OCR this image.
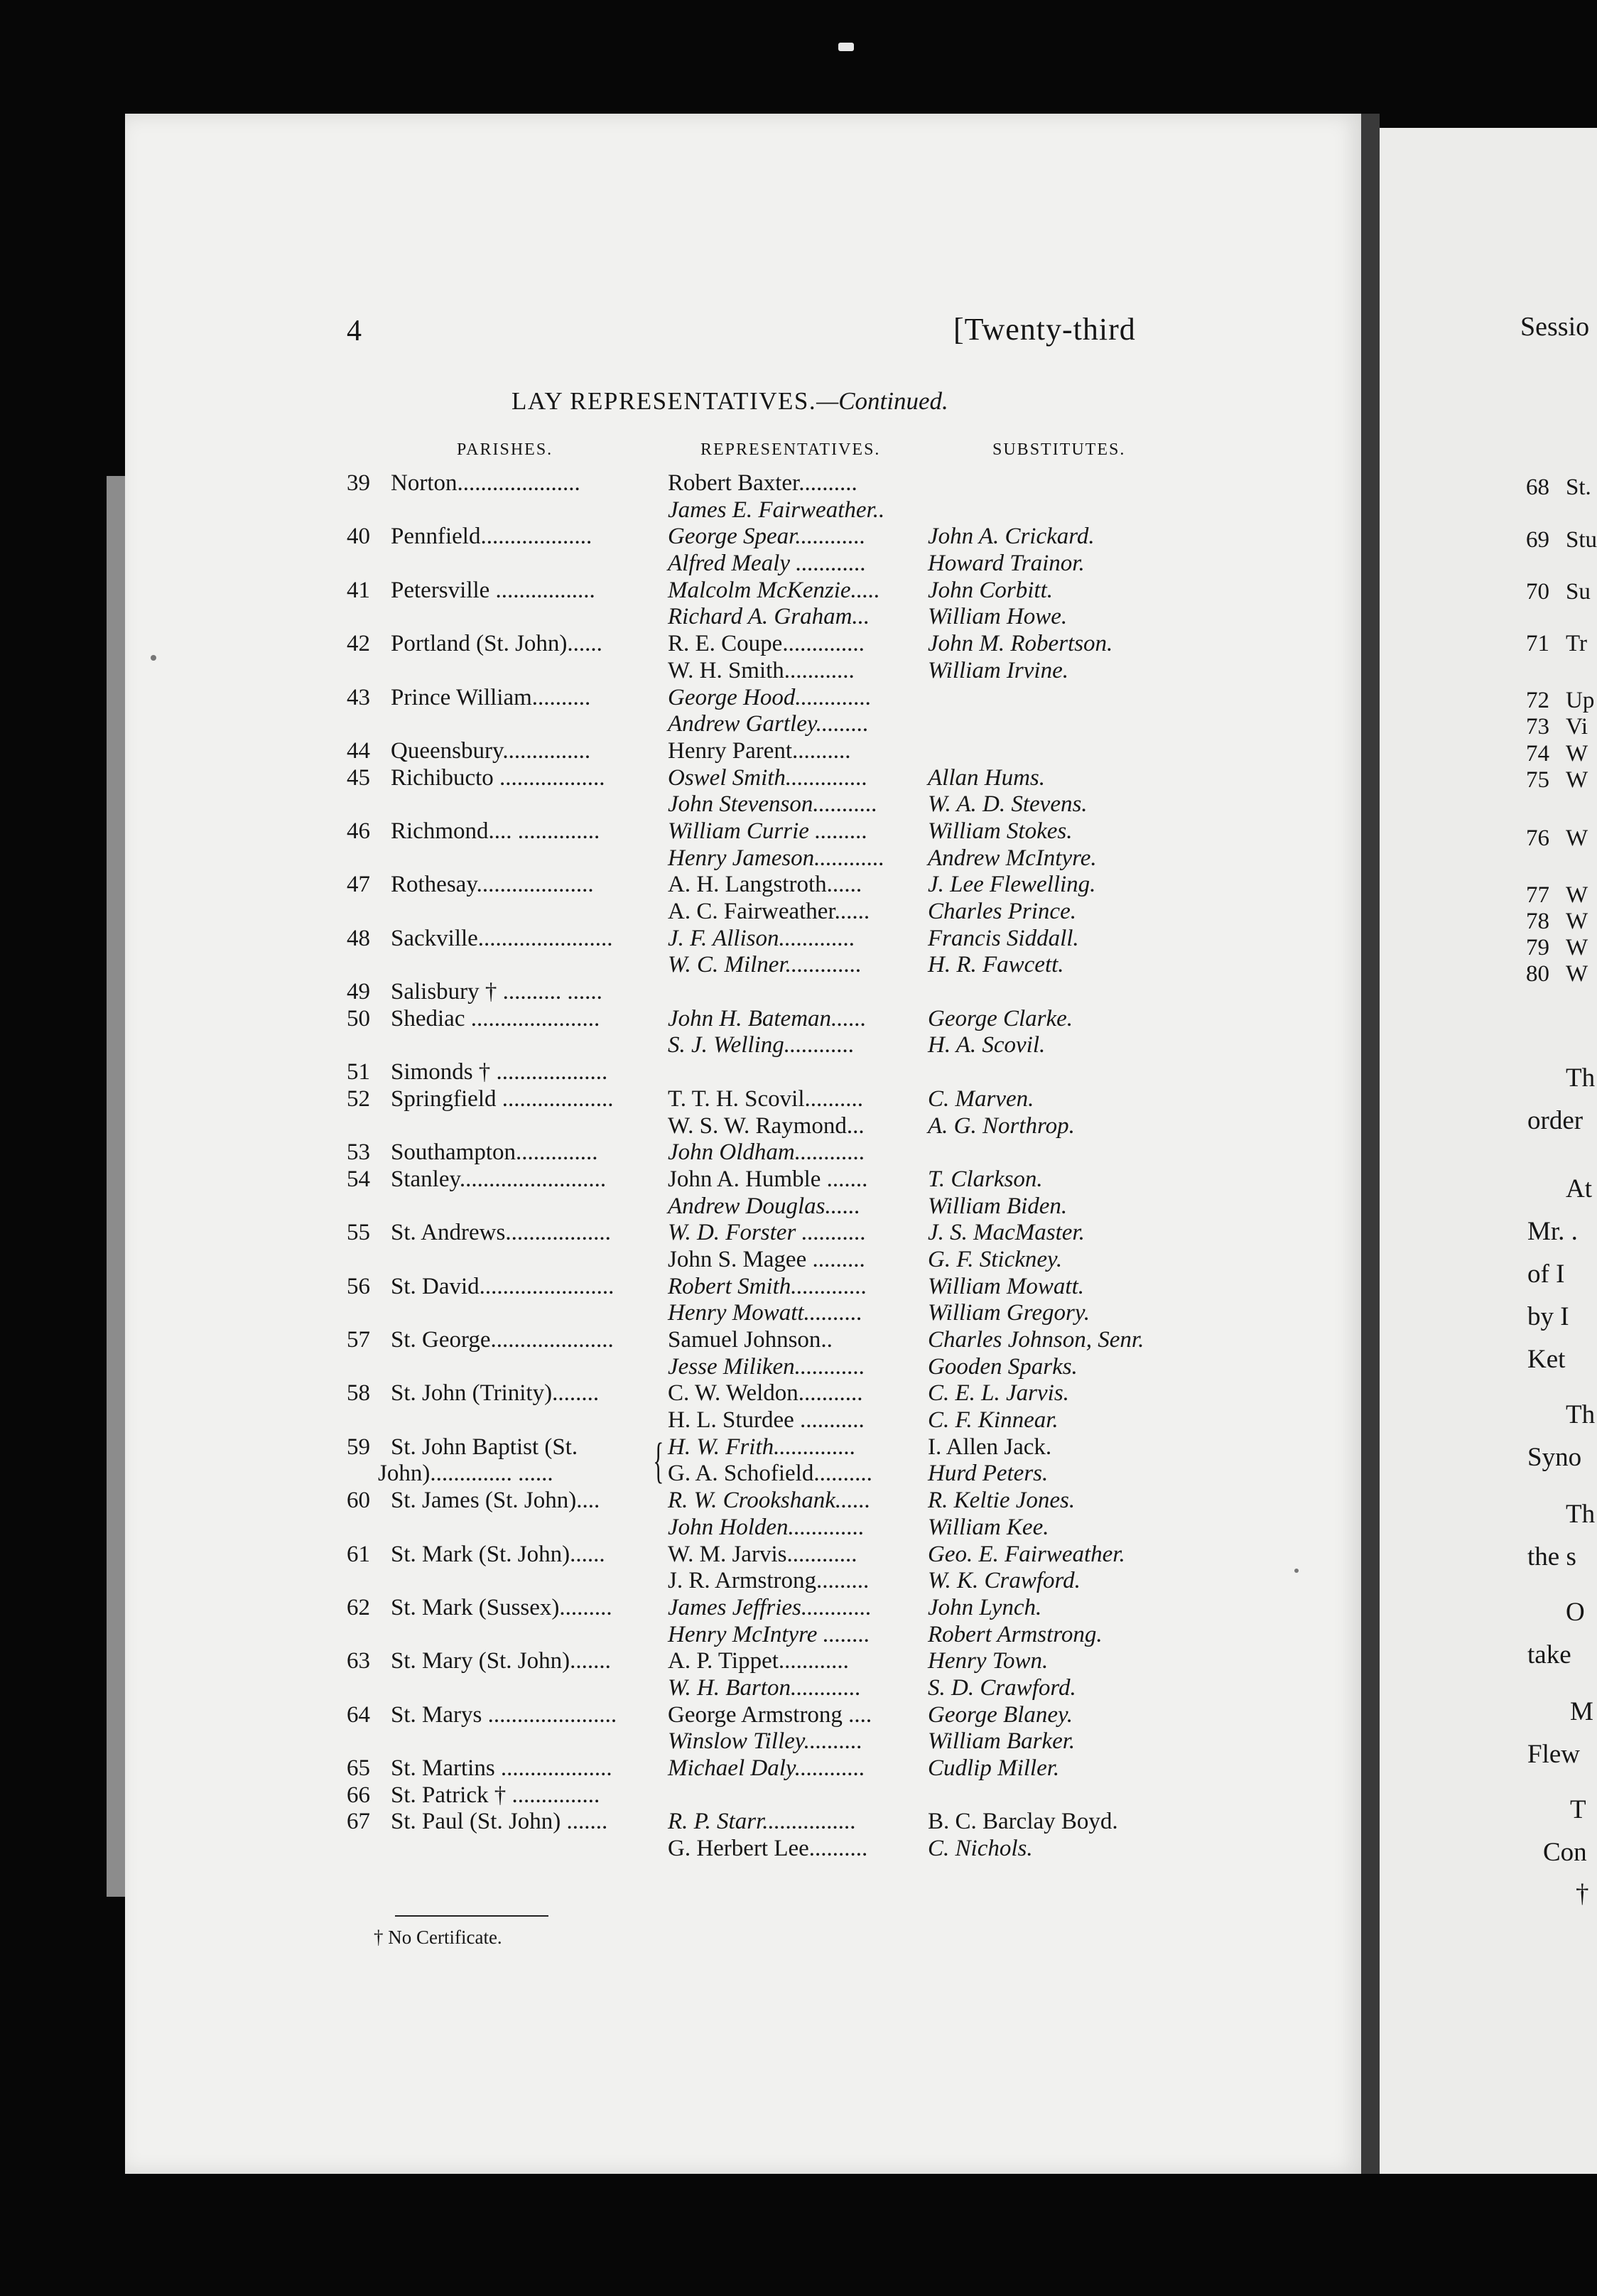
4	[Twenty-third
LAY REPRESENTATIVES.—Continued.
PARISHES.	REPRESENTATIVES.	SUBSTITUTES.
39 Norton.....................	Robert Baxter..........
James E. Fairweather..
40 Pennfield...................	George Spear............	John A. Crickard.
Alfred Mealy ............	Howard Trainor.
41 Petersville .................	Malcolm McKenzie..... John Corbitt.
Richard A. Graham... William Howe.
42 Portland (St. John)......	R. E. Coupe..............	John M. Robertson.
W. H. Smith............	William Irvine.
43 Prince William..........	George Hood.............
Andrew Gartley.........
44 Queensbury...............	Henry Parent..........
45 Richibucto ..................	Oswel Smith..............	Allan Hums.
John Stevenson........... W. A. D. Stevens.
46 Richmond.... ..............	William Currie .........	William Stokes.
Henry Jameson............ Andrew McIntyre.
47 Rothesay....................	A. H. Langstroth......	J. Lee Flewelling.
A. C. Fairweather...... Charles Prince.
48 Sackville....................... J. F. Allison.............	Francis Siddall.
W. C. Milner.............	H. R. Fawcett.
49 Salisbury † .......... ......
50 Shediac ......................	John H. Bateman......	George Clarke.
S. J. Welling............	H. A. Scovil.
51 Simonds † ...................
52 Springfield ................... T. T. H. Scovil..........	C. Marven.
W. S. W. Raymond...	A. G. Northrop.
53 Southampton..............	John Oldham............
54 Stanley.........................	John A. Humble .......	T. Clarkson.
Andrew Douglas......	William Biden.
55 St. Andrews.................. W. D. Forster ...........	J. S. MacMaster.
John S. Magee .........	G. F. Stickney.
56 St. David....................... Robert Smith.............	William Mowatt.
Henry Mowatt..........	William Gregory.
57 St. George..................... Samuel Johnson..	Charles Johnson, Senr.
Jesse Miliken............	Gooden Sparks.
58 St. John (Trinity)........	C. W. Weldon...........	C. E. L. Jarvis.
H. L. Sturdee ...........	C. F. Kinnear.
59 St. John Baptist (St.	H. W. Frith..............	I. Allen Jack.
{
John).............. ......	G. A. Schofield.......... Hurd Peters.
60 St. James (St. John)....	R. W. Crookshank...... R. Keltie Jones.
John Holden.............	William Kee.
61 St. Mark (St. John)......	W. M. Jarvis............	Geo. E. Fairweather.
J. R. Armstrong.........	W. K. Crawford.
62 St. Mark (Sussex)......... James Jeffries............ John Lynch.
Henry McIntyre ........ Robert Armstrong.
63 St. Mary (St. John)....... A. P. Tippet............	Henry Town.
W. H. Barton............	S. D. Crawford.
64 St. Marys ...................... George Armstrong .... George Blaney.
Winslow Tilley..........	William Barker.
65 St. Martins ................... Michael Daly............	Cudlip Miller.
66 St. Patrick † ...............
67 St. Paul (St. John) .......	R. P. Starr................	B. C. Barclay Boyd.
G. Herbert Lee..........	C. Nichols.
† No Certificate.
Sessio
68 St.
69 Stu
70 Su
71 Tr
72 Up
73 Vi
74 W
75 W
76 W
77 W
78 W
79 W
80 W
Th
order
At
Mr. .
of I
by I
Ket
Th
Syno
Th
the s
O
take
M
Flew
T
Con
†
